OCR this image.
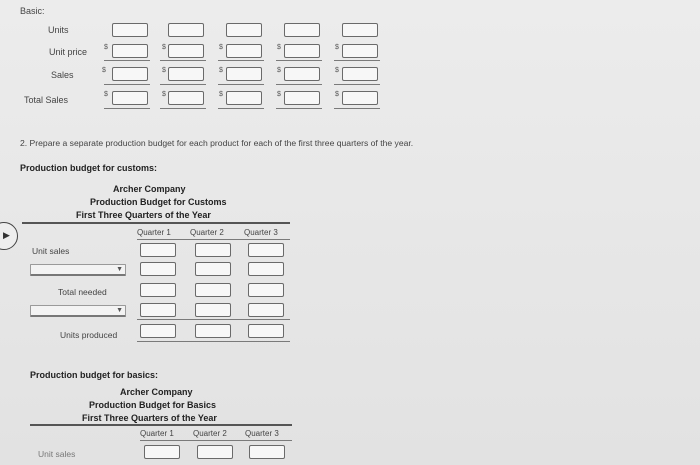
Basic:
Units
Unit price
Sales
Total Sales
$
$
$
$
$
$
$
$
$
$
$
$
$
$
$
2. Prepare a separate production budget for each product for each of the first three quarters of the year.
Production budget for customs:
Archer Company
Production Budget for Customs
First Three Quarters of the Year
▶	Quarter 1 Quarter 2	Quarter 3
Unit sales
▼
Total needed
▼
Units produced
Production budget for basics:
Archer Company
Production Budget for Basics
First Three Quarters of the Year
Quarter 1 Quarter 2 Quarter 3
Unit sales
